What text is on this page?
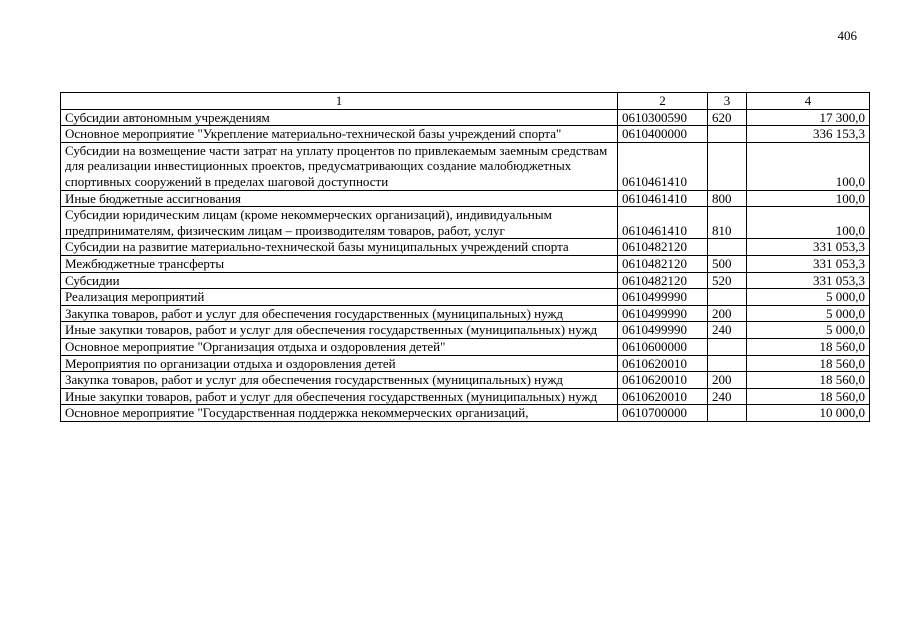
406
1	2	3	4
Субсидии автономным учреждениям	0610300590	620	17 300,0
Основное мероприятие "Укрепление материально-технической базы учреждений спорта"	0610400000		336 153,3
Субсидии на возмещение части затрат на уплату процентов по привлекаемым заемным средствам для реализации инвестиционных проектов, предусматривающих создание малобюджетных спортивных сооружений в пределах шаговой доступности	0610461410		100,0
Иные бюджетные ассигнования	0610461410	800	100,0
Субсидии юридическим лицам (кроме некоммерческих организаций), индивидуальным предпринимателям, физическим лицам – производителям товаров, работ, услуг	0610461410	810	100,0
Субсидии на развитие материально-технической базы муниципальных учреждений спорта	0610482120		331 053,3
Межбюджетные трансферты	0610482120	500	331 053,3
Субсидии	0610482120	520	331 053,3
Реализация мероприятий	0610499990		5 000,0
Закупка товаров, работ и услуг для обеспечения государственных (муниципальных) нужд	0610499990	200	5 000,0
Иные закупки товаров, работ и услуг для обеспечения государственных (муниципальных) нужд	0610499990	240	5 000,0
Основное мероприятие "Организация отдыха и оздоровления детей"	0610600000		18 560,0
Мероприятия по организации отдыха и оздоровления детей	0610620010		18 560,0
Закупка товаров, работ и услуг для обеспечения государственных (муниципальных) нужд	0610620010	200	18 560,0
Иные закупки товаров, работ и услуг для обеспечения государственных (муниципальных) нужд	0610620010	240	18 560,0
Основное мероприятие "Государственная поддержка некоммерческих организаций,	0610700000		10 000,0
